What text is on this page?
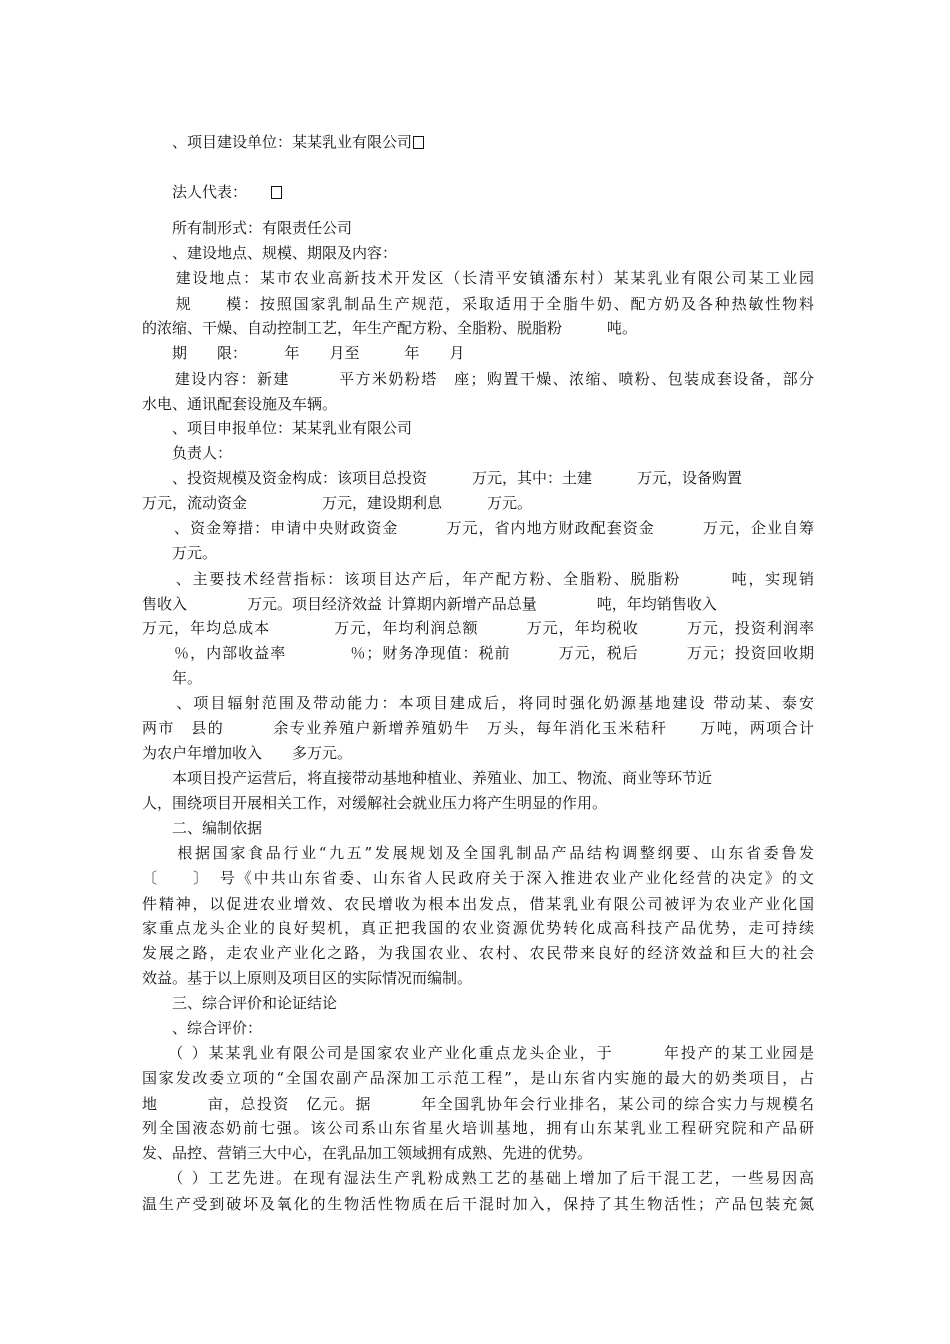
　　、项目建设单位：某某乳业有限公司
　　法人代表：　　
　　所有制形式：有限责任公司
　　、建设地点、规模、期限及内容：
　　建设地点：某市农业高新技术开发区（长清平安镇潘东村）某某乳业有限公司某工业园
　　规　　模：按照国家乳制品生产规范，采取适用于全脂牛奶、配方奶及各种热敏性物料
的浓缩、干燥、自动控制工艺，年生产配方粉、全脂粉、脱脂粉　　　吨。
　　期　　限：　　　年　　月至　　　年　　月
　　建设内容：新建　　　平方米奶粉塔　座；购置干燥、浓缩、喷粉、包装成套设备，部分
水电、通讯配套设施及车辆。
　　、项目申报单位：某某乳业有限公司
　　负责人：
　　、投资规模及资金构成：该项目总投资　　　万元，其中：土建　　　万元，设备购置
万元，流动资金　　　　　万元，建设期利息　　　万元。
　　、资金筹措：申请中央财政资金　　　万元，省内地方财政配套资金　　　万元，企业自筹
　　万元。
　　、主要技术经营指标：该项目达产后，年产配方粉、全脂粉、脱脂粉　　　吨，实现销
售收入　　　　万元。项目经济效益 计算期内新增产品总量　　　　吨，年均销售收入
万元，年均总成本　　　　万元，年均利润总额　　　万元，年均税收　　　万元，投资利润率
　　％，内部收益率　　　　％；财务净现值：税前　　　万元，税后　　　万元；投资回收期
　　年。
　　、项目辐射范围及带动能力：本项目建成后，将同时强化奶源基地建设 带动某、泰安
两市　县的　　　余专业养殖户新增养殖奶牛　万头，每年消化玉米秸秆　　万吨，两项合计
为农户年增加收入　　多万元。
　　本项目投产运营后，将直接带动基地种植业、养殖业、加工、物流、商业等环节近
人，围绕项目开展相关工作，对缓解社会就业压力将产生明显的作用。
　　二、编制依据
　　根据国家食品行业“九五”发展规划及全国乳制品产品结构调整纲要、山东省委鲁发
〔　　〕　号《中共山东省委、山东省人民政府关于深入推进农业产业化经营的决定》的文
件精神，以促进农业增效、农民增收为根本出发点，借某乳业有限公司被评为农业产业化国
家重点龙头企业的良好契机，真正把我国的农业资源优势转化成高科技产品优势，走可持续
发展之路，走农业产业化之路，为我国农业、农村、农民带来良好的经济效益和巨大的社会
效益。基于以上原则及项目区的实际情况而编制。
　　三、综合评价和论证结论
　　、综合评价：
　　（ ）某某乳业有限公司是国家农业产业化重点龙头企业，于　　　年投产的某工业园是
国家发改委立项的“全国农副产品深加工示范工程”，是山东省内实施的最大的奶类项目，占
地　　　亩，总投资　亿元。据　　　年全国乳协年会行业排名，某公司的综合实力与规模名
列全国液态奶前七强。该公司系山东省星火培训基地，拥有山东某乳业工程研究院和产品研
发、品控、营销三大中心，在乳品加工领域拥有成熟、先进的优势。
　　（ ）工艺先进。在现有湿法生产乳粉成熟工艺的基础上增加了后干混工艺，一些易因高
温生产受到破坏及氧化的生物活性物质在后干混时加入，保持了其生物活性；产品包装充氮
